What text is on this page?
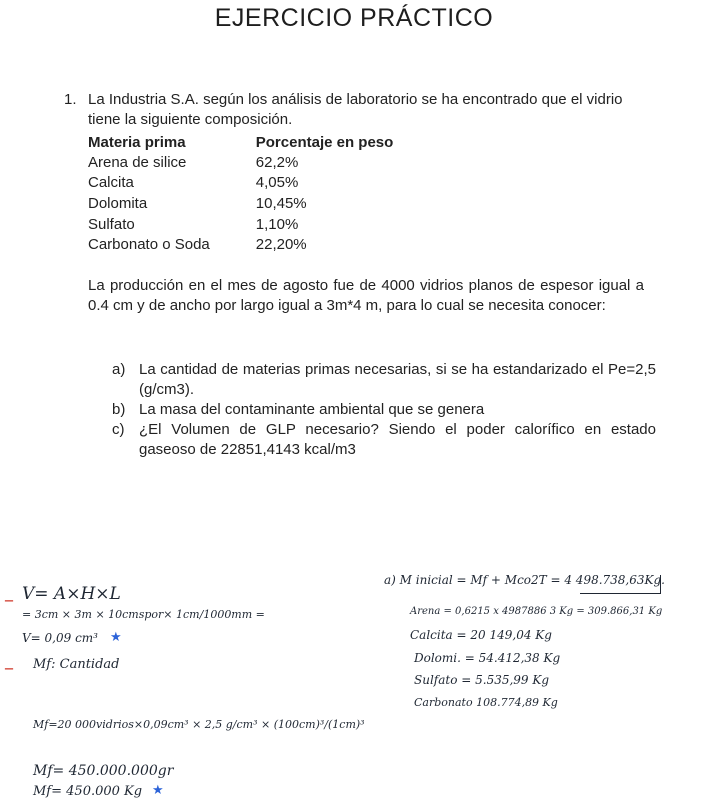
EJERCICIO PRÁCTICO
1. La Industria S.A. según los análisis de laboratorio se ha encontrado que el vidrio tiene la siguiente composición.
Materia prima	Porcentaje en peso
Arena de silice	62,2%
Calcita	4,05%
Dolomita	10,45%
Sulfato	1,10%
Carbonato o Soda	22,20%
La producción en el mes de agosto fue de 4000 vidrios planos de espesor igual a 0.4 cm y de ancho por largo igual a 3m*4 m, para lo cual se necesita conocer:
a) La cantidad de materias primas necesarias, si se ha estandarizado el Pe=2,5 (g/cm3).
b) La masa del contaminante ambiental que se genera
c) ¿El Volumen de GLP necesario? Siendo el poder calorífico en estado gaseoso de 22851,4143 kcal/m3
– V= A×H×L
= 3cm × 3m × 10cmspor× 1cm/1000mm =
V= 0,09 cm³ ★
– Mf: Cantidad
Mf=20 000vidrios×0,09cm³ × 2,5 g/cm³ × (100cm)³/(1cm)³
Mf= 450.000.000gr
Mf= 450.000 Kg ★
a) M inicial = Mf + Mco2T = 4 498.738,63Kg.
Arena = 0,6215 x 4987886 3 Kg = 309.866,31 Kg
Calcita = 20 149,04 Kg
Dolomi. = 54.412,38 Kg
Sulfato = 5.535,99 Kg
Carbonato 108.774,89 Kg
